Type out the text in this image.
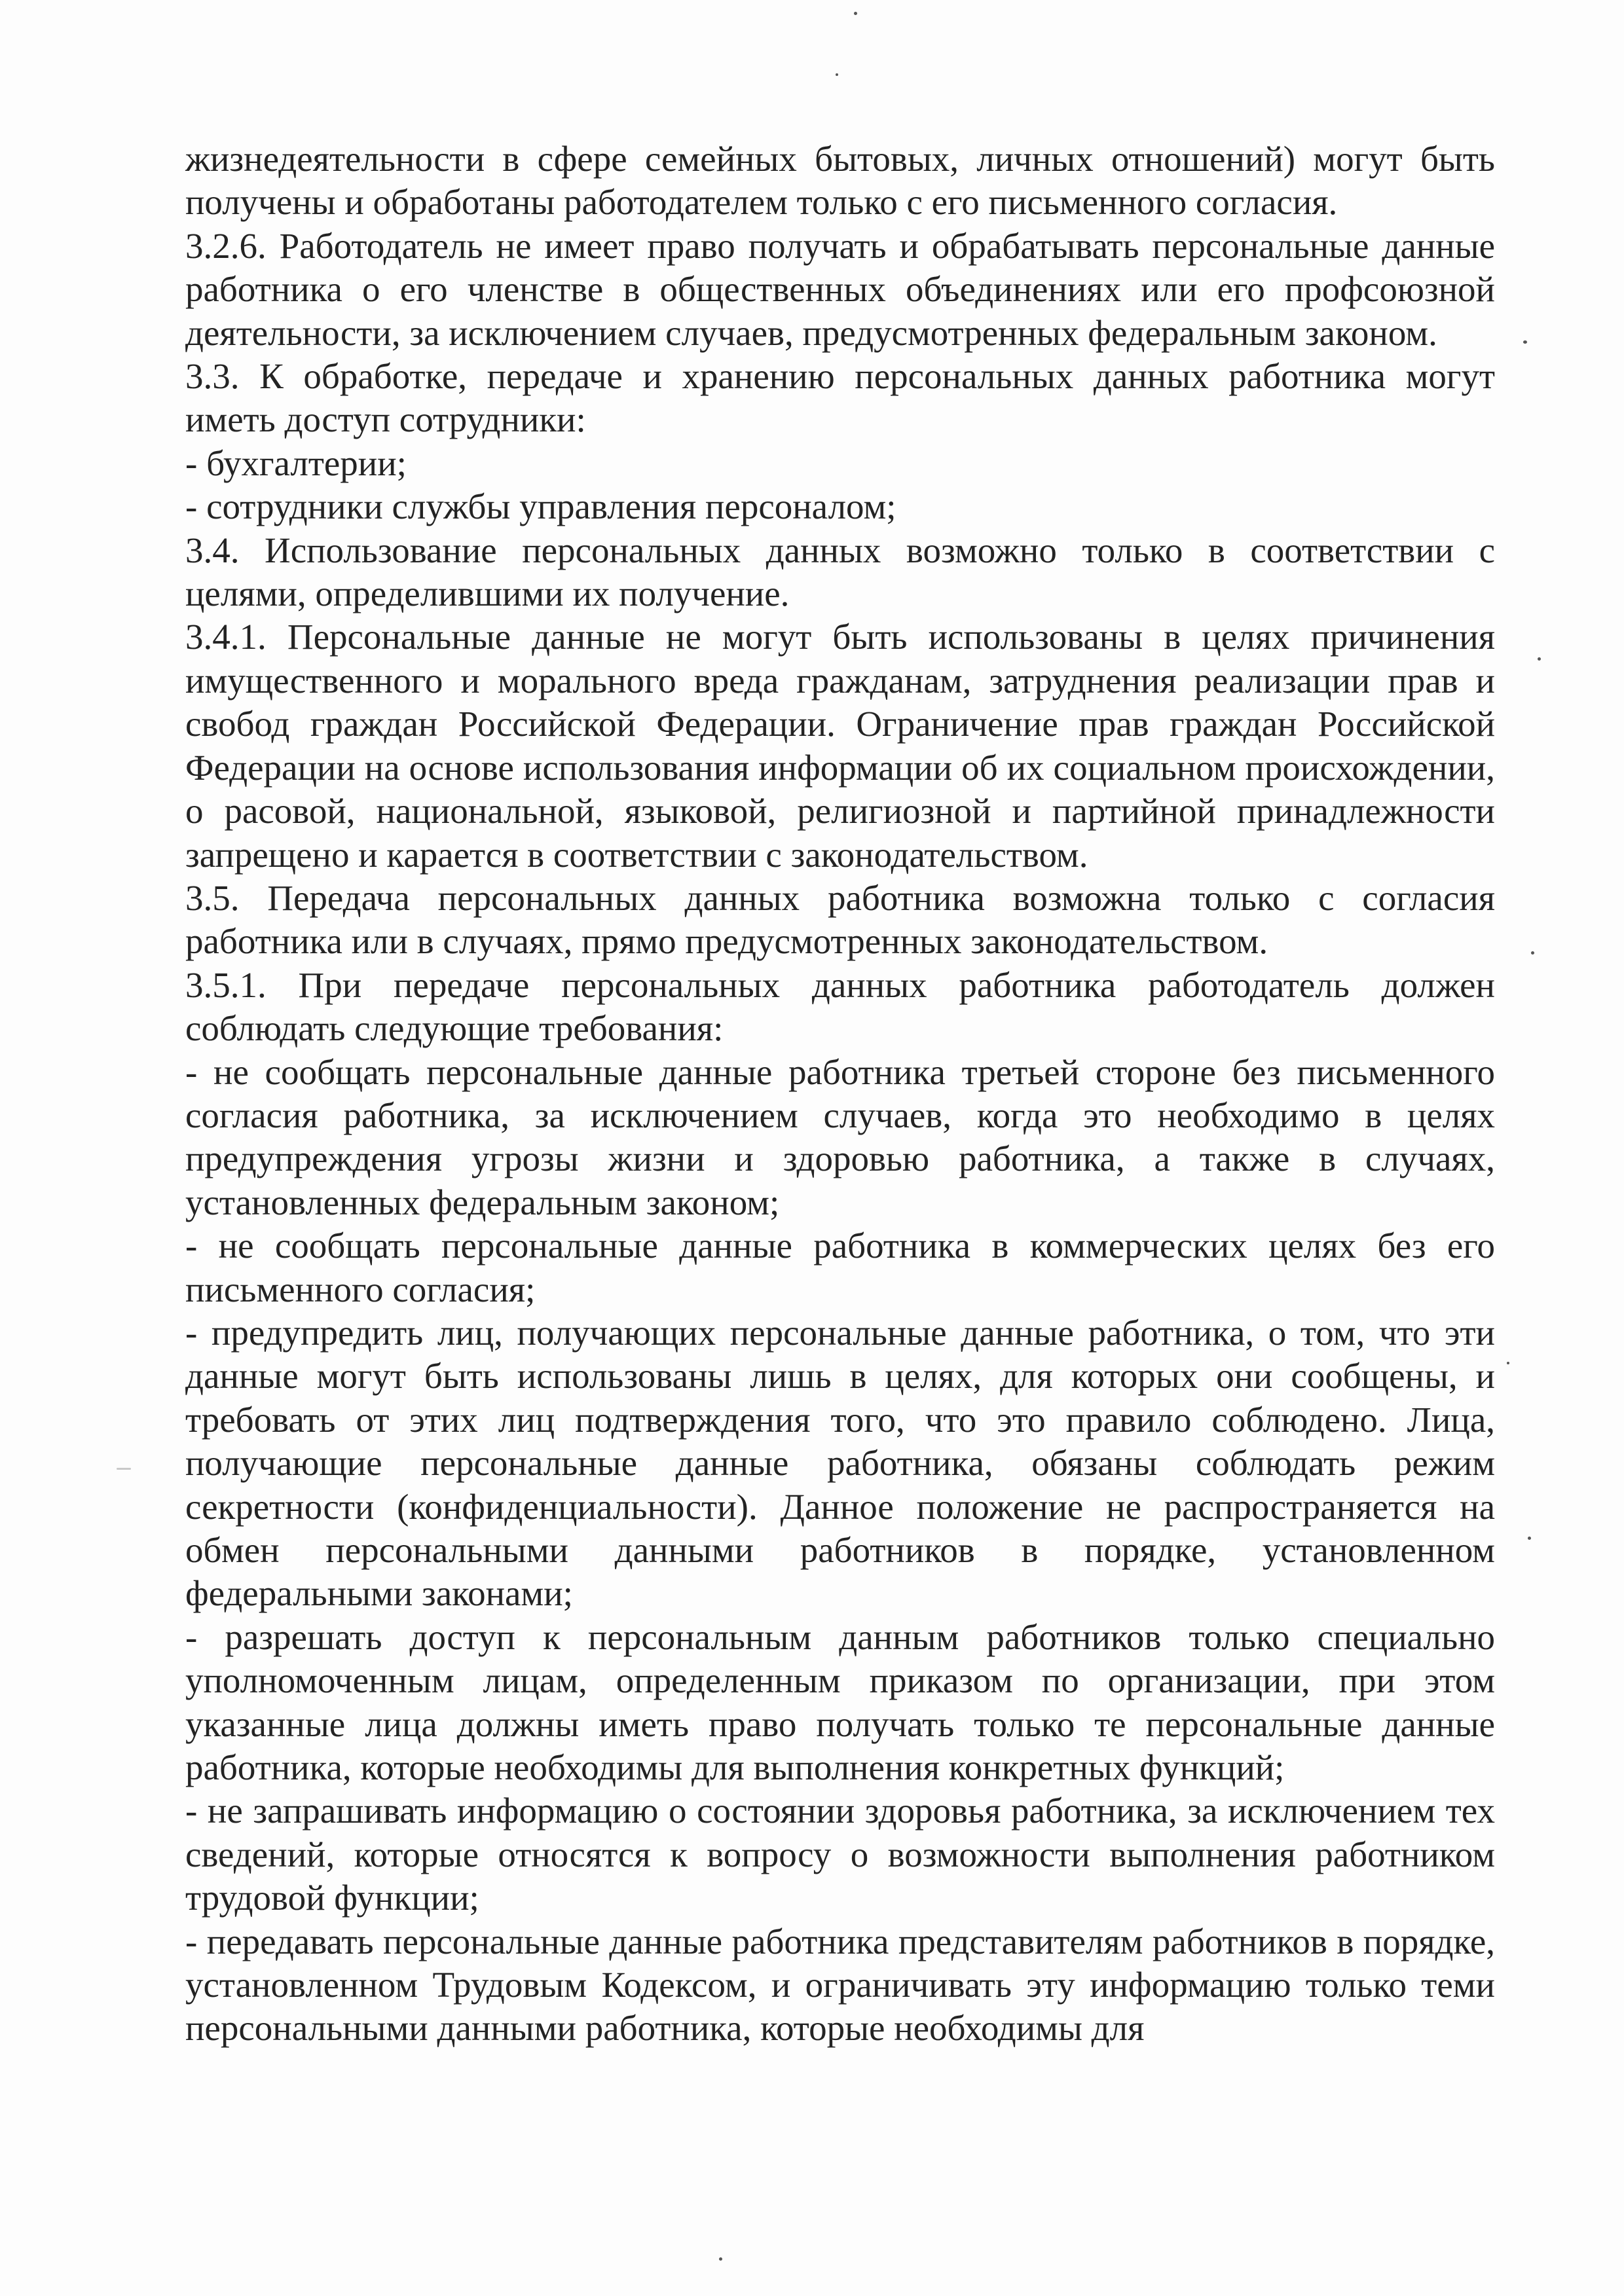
жизнедеятельности в сфере семейных бытовых, личных отношений) могут быть получены и обработаны работодателем только с его письменного согласия.

3.2.6. Работодатель не имеет право получать и обрабатывать персональные данные работника о его членстве в общественных объединениях или его профсоюзной деятельности, за исключением случаев, предусмотренных федеральным законом.

3.3. К обработке, передаче и хранению персональных данных работника могут иметь доступ сотрудники:

- бухгалтерии;

- сотрудники службы управления персоналом;

3.4. Использование персональных данных возможно только в соответствии с целями, определившими их получение.

3.4.1. Персональные данные не могут быть использованы в целях причинения имущественного и морального вреда гражданам, затруднения реализации прав и свобод граждан Российской Федерации. Ограничение прав граждан Российской Федерации на основе использования информации об их социальном происхождении, о расовой, национальной, языковой, религиозной и партийной принадлежности запрещено и карается в соответствии с законодательством.

3.5. Передача персональных данных работника возможна только с согласия работника или в случаях, прямо предусмотренных законодательством.

3.5.1. При передаче персональных данных работника работодатель должен соблюдать следующие требования:

- не сообщать персональные данные работника третьей стороне без письменного согласия работника, за исключением случаев, когда это необходимо в целях предупреждения угрозы жизни и здоровью работника, а также в случаях, установленных федеральным законом;

- не сообщать персональные данные работника в коммерческих целях без его письменного согласия;

- предупредить лиц, получающих персональные данные работника, о том, что эти данные могут быть использованы лишь в целях, для которых они сообщены, и требовать от этих лиц подтверждения того, что это правило соблюдено. Лица, получающие персональные данные работника, обязаны соблюдать режим секретности (конфиденциальности). Данное положение не распространяется на обмен персональными данными работников в порядке, установленном федеральными законами;

- разрешать доступ к персональным данным работников только специально уполномоченным лицам, определенным приказом по организации, при этом указанные лица должны иметь право получать только те персональные данные работника, которые необходимы для выполнения конкретных функций;

- не запрашивать информацию о состоянии здоровья работника, за исключением тех сведений, которые относятся к вопросу о возможности выполнения работником трудовой функции;

- передавать персональные данные работника представителям работников в порядке, установленном Трудовым Кодексом, и ограничивать эту информацию только теми персональными данными работника, которые необходимы для
